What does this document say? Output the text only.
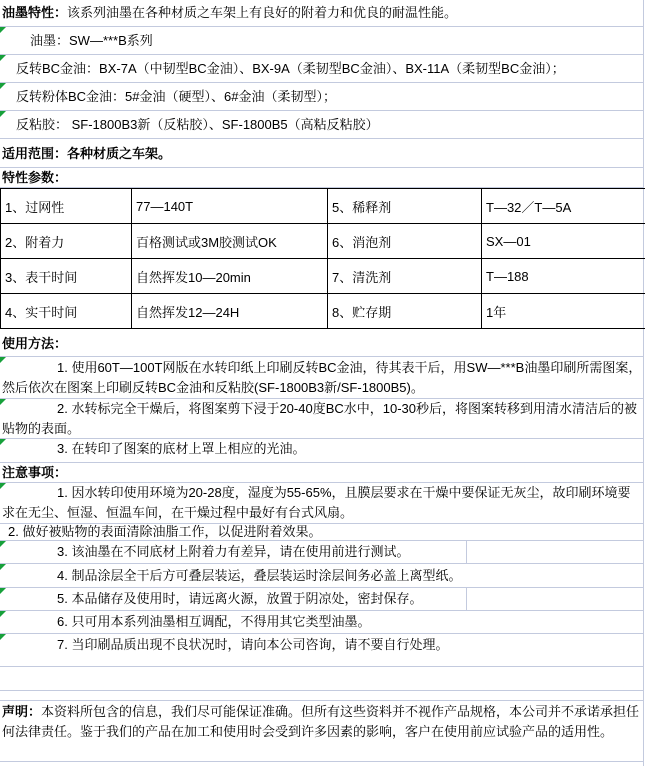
油墨特性：该系列油墨在各种材质之车架上有良好的附着力和优良的耐温性能。
油墨：SW—***B系列
反转BC金油：BX-7A（中韧型BC金油）、BX-9A（柔韧型BC金油）、BX-11A（柔韧型BC金油）；
反转粉体BC金油：5#金油（硬型）、6#金油（柔韧型）；
反粘胶： SF-1800B3新（反粘胶）、SF-1800B5（高粘反粘胶）
适用范围：各种材质之车架。
特性参数：
1、过网性	77—140T	5、稀释剂	T—32／T—5A
2、附着力	百格测试或3M胶测试OK	6、消泡剂	SX—01
3、表干时间	自然挥发10—20min	7、清洗剂	T—188
4、实干时间	自然挥发12—24H	8、贮存期	1年
使用方法：

1. 使用60T—100T网版在水转印纸上印刷反转BC金油，待其表干后，用SW—***B油墨印刷所需图案，然后依次在图案上印刷反转BC金油和反粘胶(SF-1800B3新/SF-1800B5)。

2. 水转标完全干燥后，将图案剪下浸于20-40度BC水中，10-30秒后，将图案转移到用清水清洁后的被贴物的表面。

3. 在转印了图案的底材上罩上相应的光油。

注意事项：

1. 因水转印使用环境为20-28度，湿度为55-65%，且膜层要求在干燥中要保证无灰尘，故印刷环境要求在无尘、恒湿、恒温车间，在干燥过程中最好有台式风扇。

2. 做好被贴物的表面清除油脂工作，以促进附着效果。

3. 该油墨在不同底材上附着力有差异，请在使用前进行测试。

4. 制品涂层全干后方可叠层装运，叠层装运时涂层间务必盖上离型纸。

5. 本品储存及使用时，请远离火源，放置于阴凉处，密封保存。

6. 只可用本系列油墨相互调配，不得用其它类型油墨。

7. 当印刷品质出现不良状况时，请向本公司咨询，请不要自行处理。

声明：本资料所包含的信息，我们尽可能保证准确。但所有这些资料并不视作产品规格，本公司并不承诺承担任何法律责任。鉴于我们的产品在加工和使用时会受到许多因素的影响，客户在使用前应试验产品的适用性。
